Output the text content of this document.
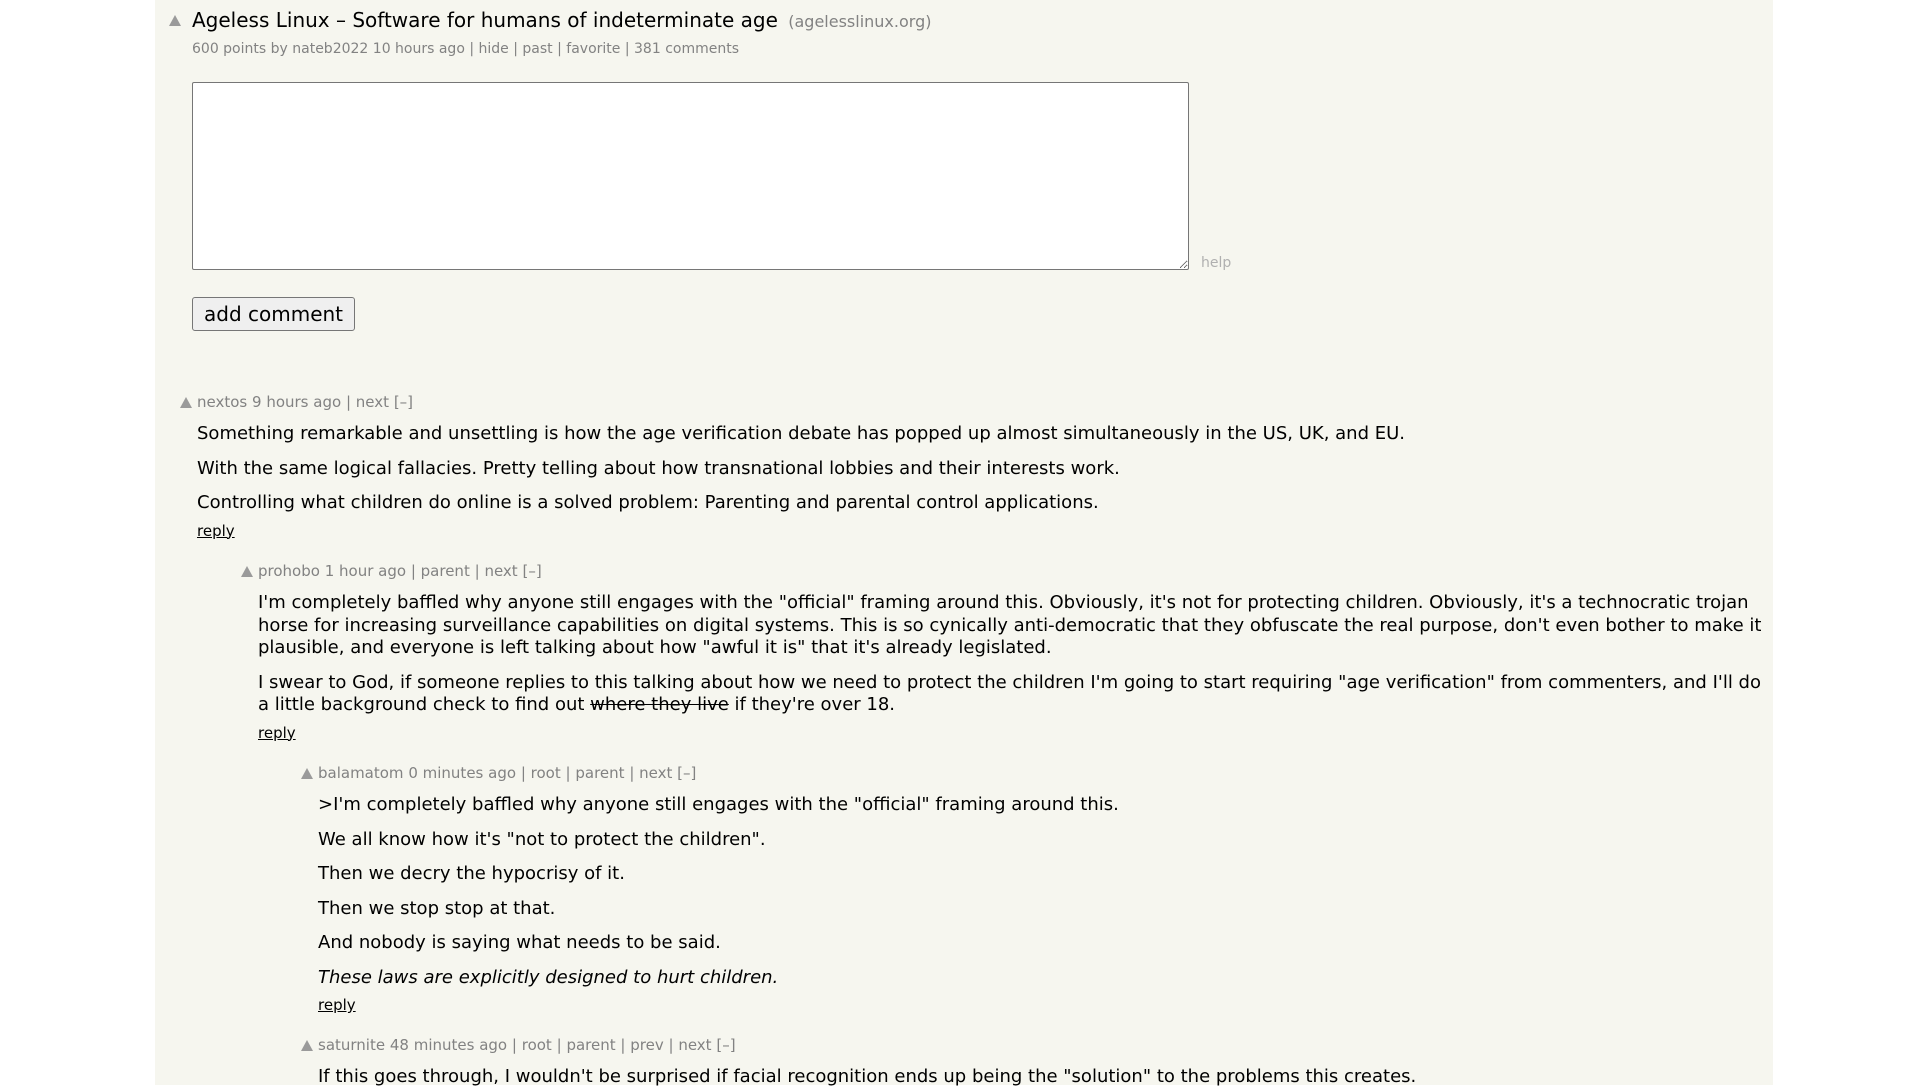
Ageless Linux – Software for humans of indeterminate age (agelesslinux.org)
600 points by nateb2022 10 hours ago | hide | past | favorite | 381 comments
help
add comment
nextos 9 hours ago | next [–]

Something remarkable and unsettling is how the age verification debate has popped up almost simultaneously in the US, UK, and EU.

With the same logical fallacies. Pretty telling about how transnational lobbies and their interests work.

Controlling what children do online is a solved problem: Parenting and parental control applications.

reply
prohobo 1 hour ago | parent | next [–]

I'm completely baffled why anyone still engages with the "official" framing around this. Obviously, it's not for protecting children. Obviously, it's a technocratic trojan horse for increasing surveillance capabilities on digital systems. This is so cynically anti-democratic that they obfuscate the real purpose, don't even bother to make it plausible, and everyone is left talking about how "awful it is" that it's already legislated.

I swear to God, if someone replies to this talking about how we need to protect the children I'm going to start requiring "age verification" from commenters, and I'll do a little background check to find out where they live if they're over 18.

reply
balamatom 0 minutes ago | root | parent | next [–]

>I'm completely baffled why anyone still engages with the "official" framing around this.

We all know how it's "not to protect the children".

Then we decry the hypocrisy of it.

Then we stop stop at that.

And nobody is saying what needs to be said.

These laws are explicitly designed to hurt children.

reply
saturnite 48 minutes ago | root | parent | prev | next [–]

If this goes through, I wouldn't be surprised if facial recognition ends up being the "solution" to the problems this creates.
